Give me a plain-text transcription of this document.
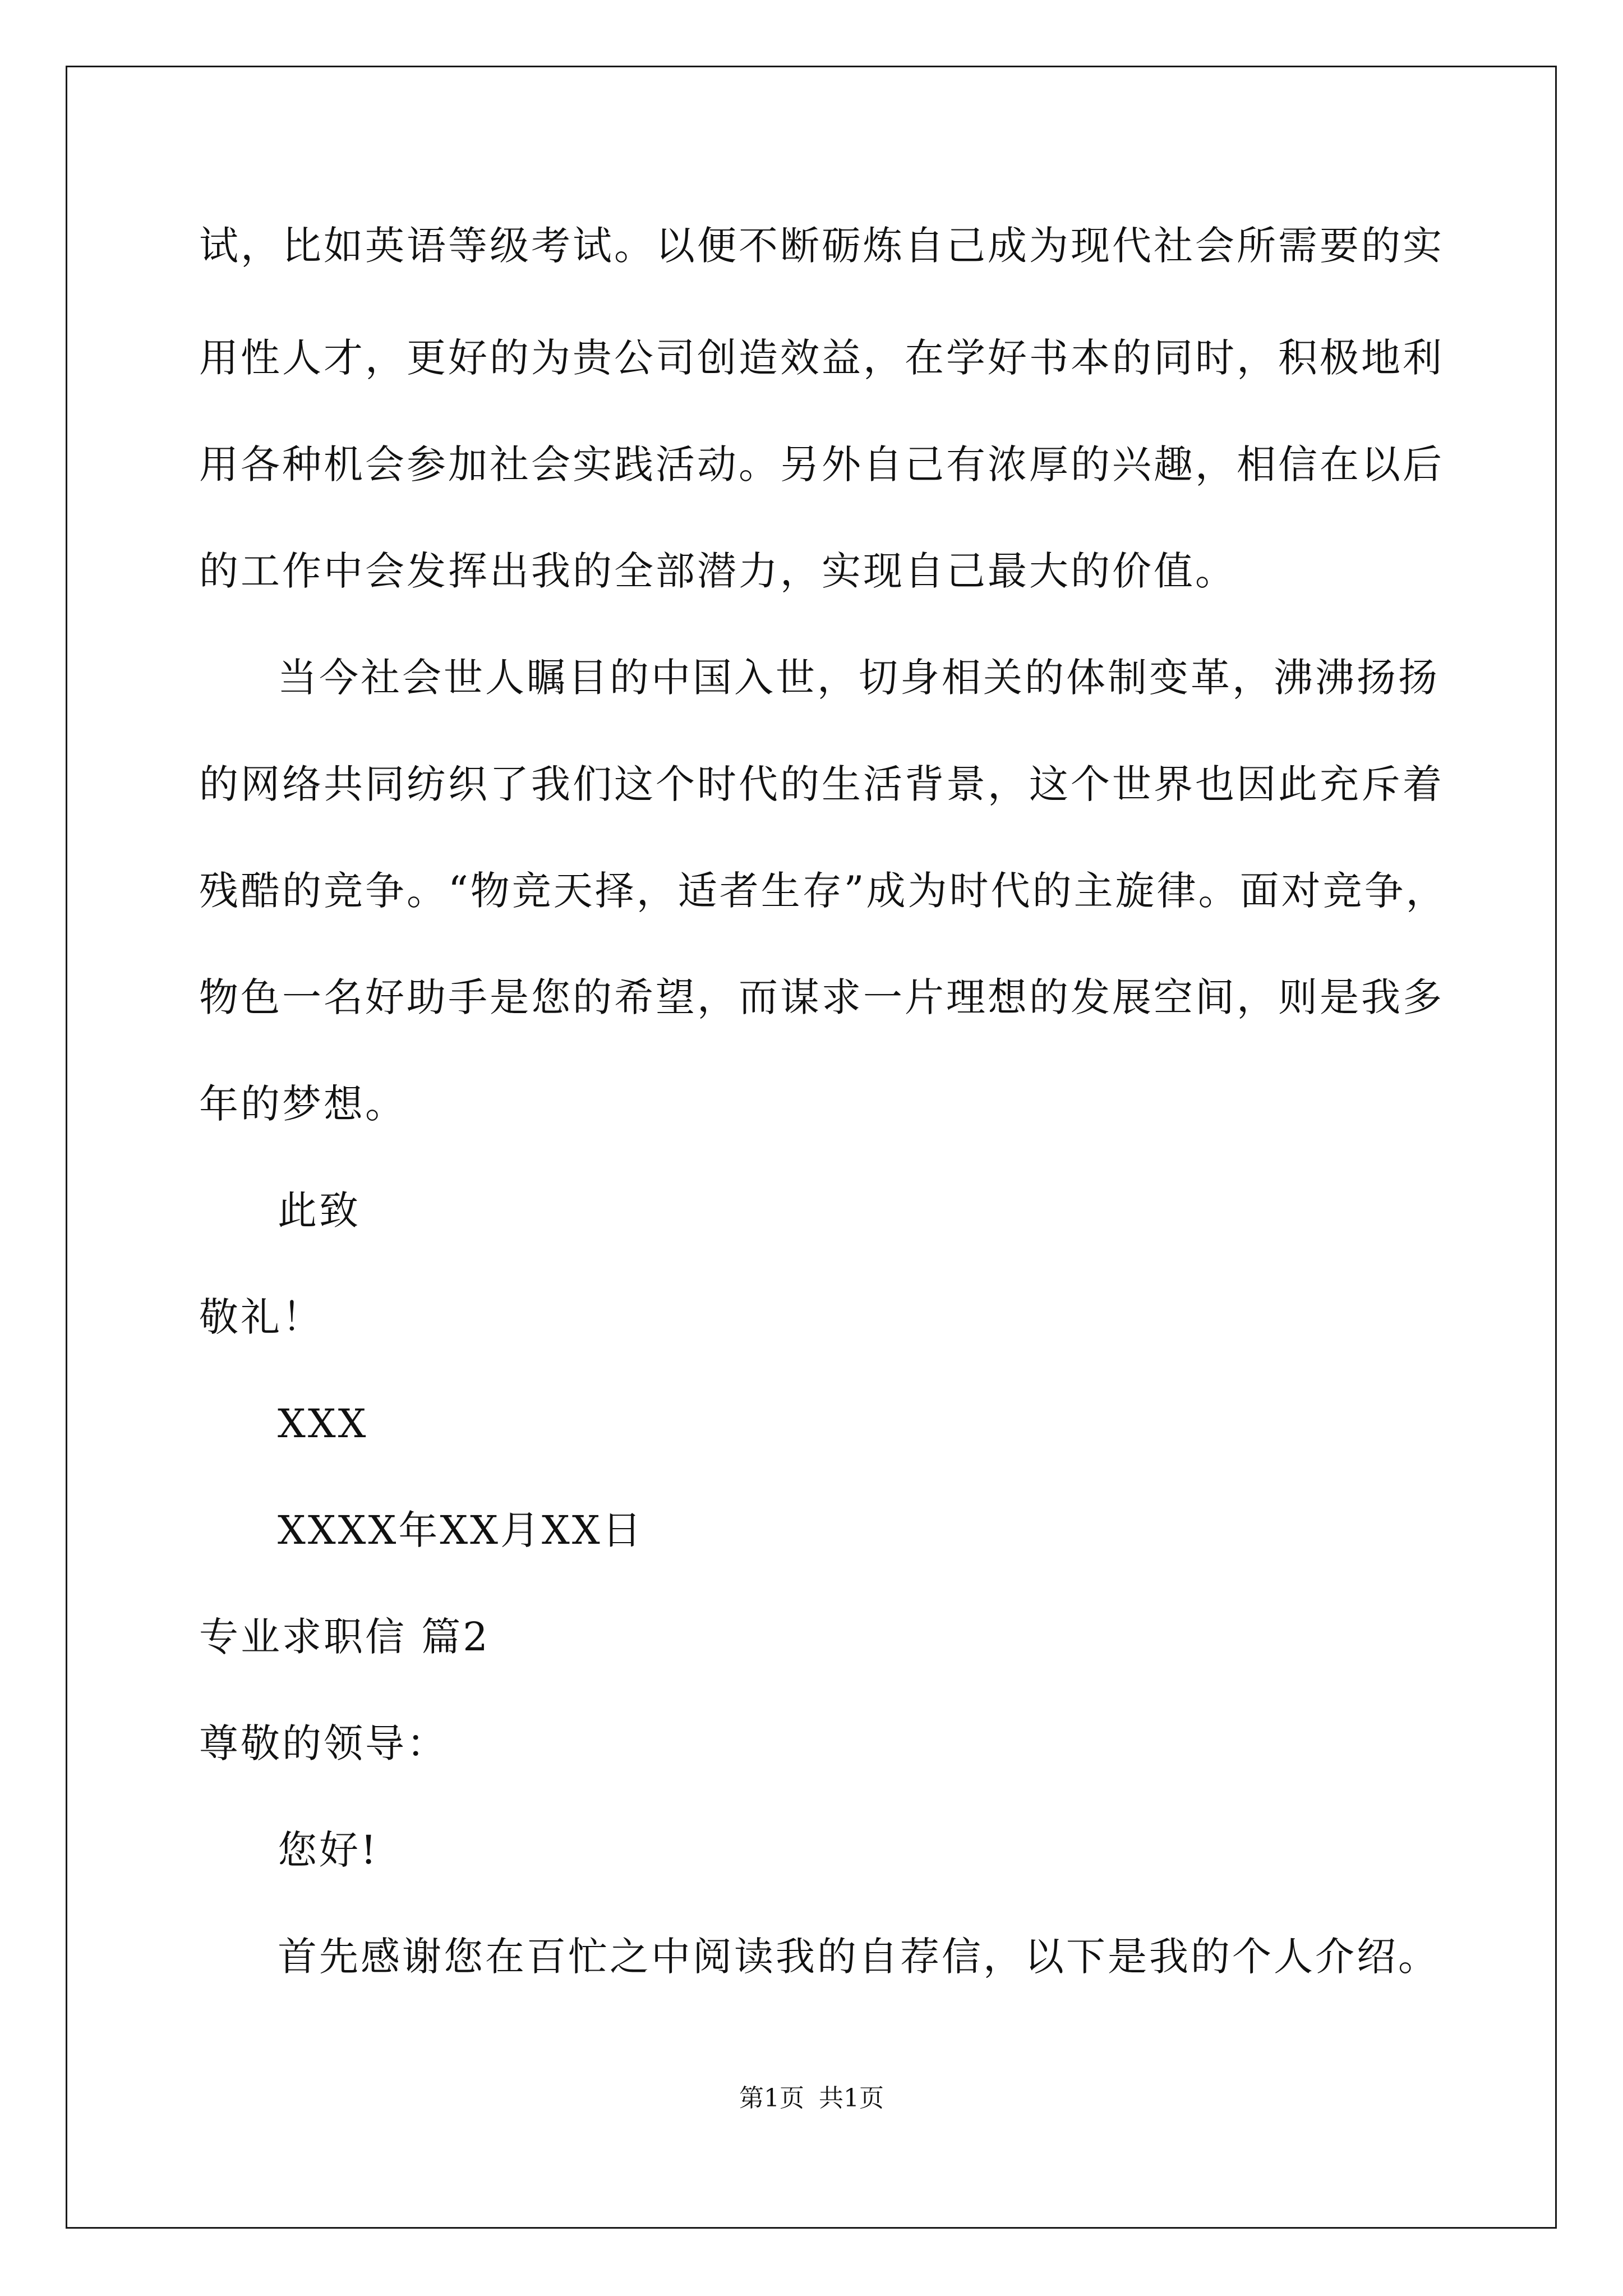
试，比如英语等级考试。以便不断砺炼自己成为现代社会所需要的实
用性人才，更好的为贵公司创造效益，在学好书本的同时，积极地利
用各种机会参加社会实践活动。另外自己有浓厚的兴趣，相信在以后
的工作中会发挥出我的全部潜力，实现自己最大的价值。
当今社会世人瞩目的中国入世，切身相关的体制变革，沸沸扬扬
的网络共同纺织了我们这个时代的生活背景，这个世界也因此充斥着
残酷的竞争。“物竞天择，适者生存”成为时代的主旋律。面对竞争，
物色一名好助手是您的希望，而谋求一片理想的发展空间，则是我多
年的梦想。
此致
敬礼！
XXX
XXXX年XX月XX日
专业求职信 篇2
尊敬的领导：
您好!
首先感谢您在百忙之中阅读我的自荐信，以下是我的个人介绍。
第1页 共1页
